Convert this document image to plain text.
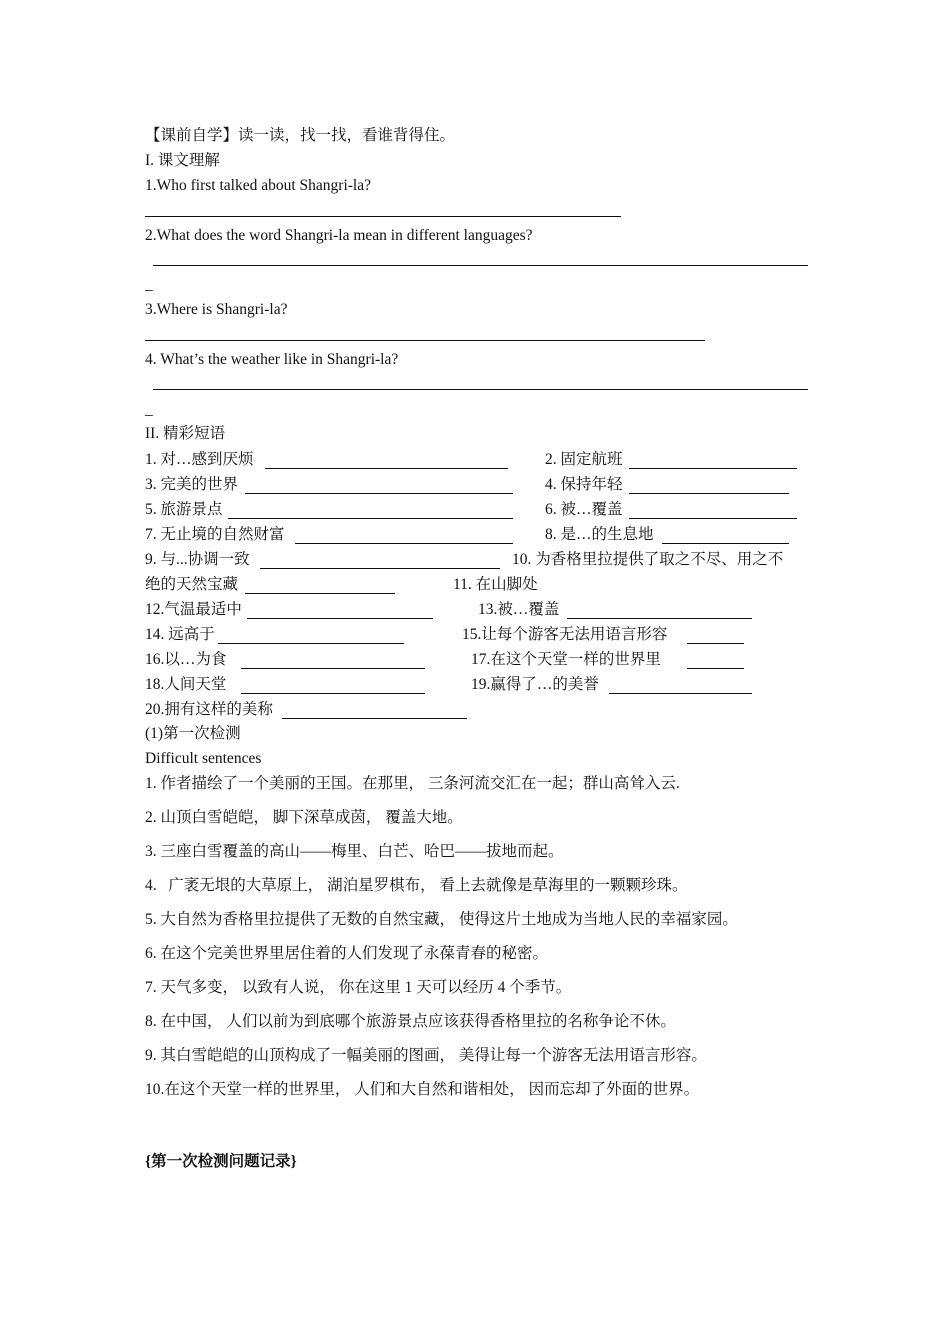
【课前自学】读一读，找一找，看谁背得住。
I. 课文理解
1.Who first talked about Shangri-la?
2.What does the word Shangri-la mean in different languages?
_
3.Where is Shangri-la?
4. What’s the weather like in Shangri-la?
_
II. 精彩短语
1. 对…感到厌烦	2. 固定航班
3. 完美的世界	4. 保持年轻
5. 旅游景点	6. 被…覆盖
7. 无止境的自然财富	8. 是…的生息地
9. 与...协调一致	10. 为香格里拉提供了取之不尽、用之不
绝的天然宝藏	11. 在山脚处
12.气温最适中	13.被…覆盖
14. 远高于	15.让每个游客无法用语言形容
16.以…为食	17.在这个天堂一样的世界里
18.人间天堂	19.赢得了…的美誉
20.拥有这样的美称
(1)第一次检测
Difficult sentences
1. 作者描绘了一个美丽的王国。在那里， 三条河流交汇在一起；群山高耸入云.
2. 山顶白雪皑皑， 脚下深草成茵， 覆盖大地。
3. 三座白雪覆盖的高山——梅里、白芒、哈巴——拔地而起。
4.   广袤无垠的大草原上， 湖泊星罗棋布， 看上去就像是草海里的一颗颗珍珠。
5. 大自然为香格里拉提供了无数的自然宝藏， 使得这片土地成为当地人民的幸福家园。
6. 在这个完美世界里居住着的人们发现了永葆青春的秘密。
7. 天气多变， 以致有人说， 你在这里 1 天可以经历 4 个季节。
8. 在中国， 人们以前为到底哪个旅游景点应该获得香格里拉的名称争论不休。
9. 其白雪皑皑的山顶构成了一幅美丽的图画， 美得让每一个游客无法用语言形容。
10.在这个天堂一样的世界里， 人们和大自然和谐相处， 因而忘却了外面的世界。
{第一次检测问题记录}
